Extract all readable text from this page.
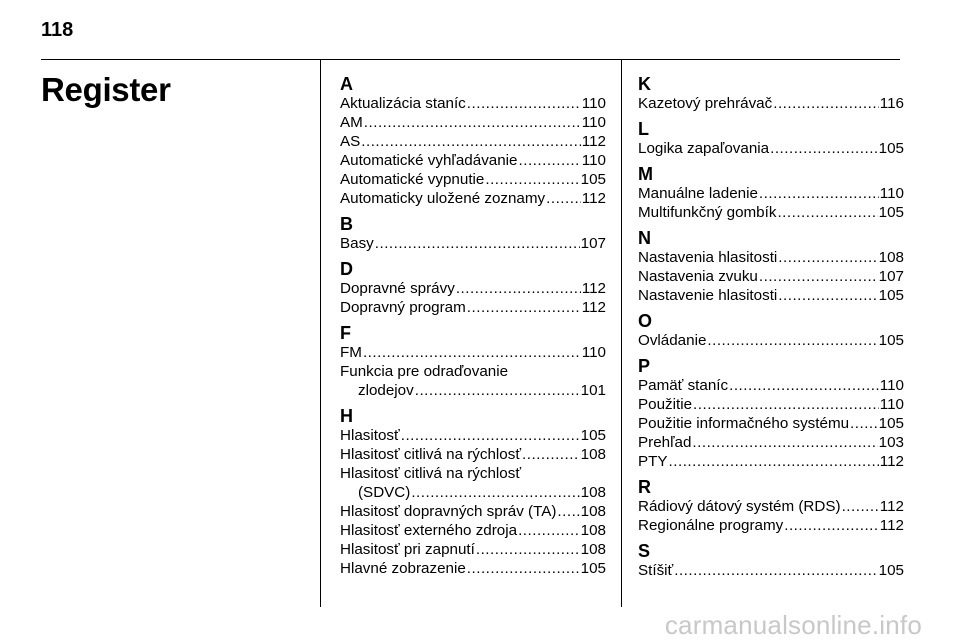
118
Register	A
Aktualizácia staníc .....	110
AM .....	110
AS .....	112
Automatické vyhľadávanie .....	110
Automatické vypnutie .....	105
Automaticky uložené zoznamy ..... 112
B
Basy .....	107
D
Dopravné správy .....	112
Dopravný program .....	112
F
FM .....	110
Funkcia pre odraďovanie
zlodejov .....	101
H
Hlasitosť .....	105
Hlasitosť citlivá na rýchlosť .....	108
Hlasitosť citlivá na rýchlosť
(SDVC) .....	108
Hlasitosť dopravných správ (TA) ..... 108
Hlasitosť externého zdroja .....	108
Hlasitosť pri zapnutí .....	108
Hlavné zobrazenie .....	105
K
Kazetový prehrávač .....	116
L
Logika zapaľovania .....	105
M
Manuálne ladenie .....	110
Multifunkčný gombík .....	105
N
Nastavenia hlasitosti .....	108
Nastavenia zvuku .....	107
Nastavenie hlasitosti .....	105
O
Ovládanie .....	105
P
Pamäť staníc .....	110
Použitie .....	110
Použitie informačného systému ..... 105
Prehľad .....	103
PTY .....	112
R
Rádiový dátový systém (RDS) .....	112
Regionálne programy .....	112
S
Stíšiť .....	105
carmanualsonline.info
